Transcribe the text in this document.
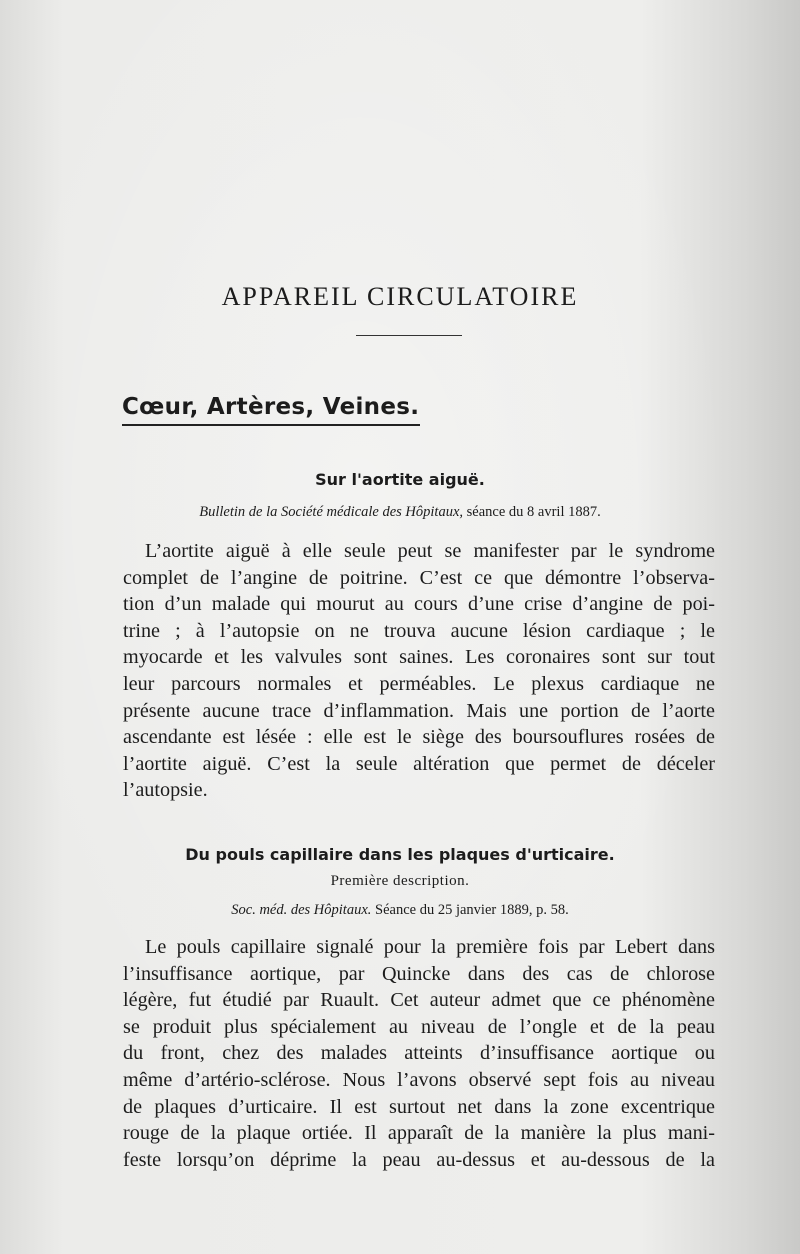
APPAREIL CIRCULATOIRE
Cœur, Artères, Veines.
Sur l'aortite aiguë.

Bulletin de la Société médicale des Hôpitaux, séance du 8 avril 1887.

L’aortite aiguë à elle seule peut se manifester par le syndrome
complet de l’angine de poitrine. C’est ce que démontre l’observa-
tion d’un malade qui mourut au cours d’une crise d’angine de poi-
trine ; à l’autopsie on ne trouva aucune lésion cardiaque ; le
myocarde et les valvules sont saines. Les coronaires sont sur tout
leur parcours normales et perméables. Le plexus cardiaque ne
présente aucune trace d’inflammation. Mais une portion de l’aorte
ascendante est lésée : elle est le siège des boursouflures rosées de
l’aortite aiguë. C’est la seule altération que permet de déceler
l’autopsie.
Du pouls capillaire dans les plaques d'urticaire.

Première description.

Soc. méd. des Hôpitaux. Séance du 25 janvier 1889, p. 58.

Le pouls capillaire signalé pour la première fois par Lebert dans
l’insuffisance aortique, par Quincke dans des cas de chlorose
légère, fut étudié par Ruault. Cet auteur admet que ce phénomène
se produit plus spécialement au niveau de l’ongle et de la peau
du front, chez des malades atteints d’insuffisance aortique ou
même d’artério-sclérose. Nous l’avons observé sept fois au niveau
de plaques d’urticaire. Il est surtout net dans la zone excentrique
rouge de la plaque ortiée. Il apparaît de la manière la plus mani-
feste lorsqu’on déprime la peau au-dessus et au-dessous de la
